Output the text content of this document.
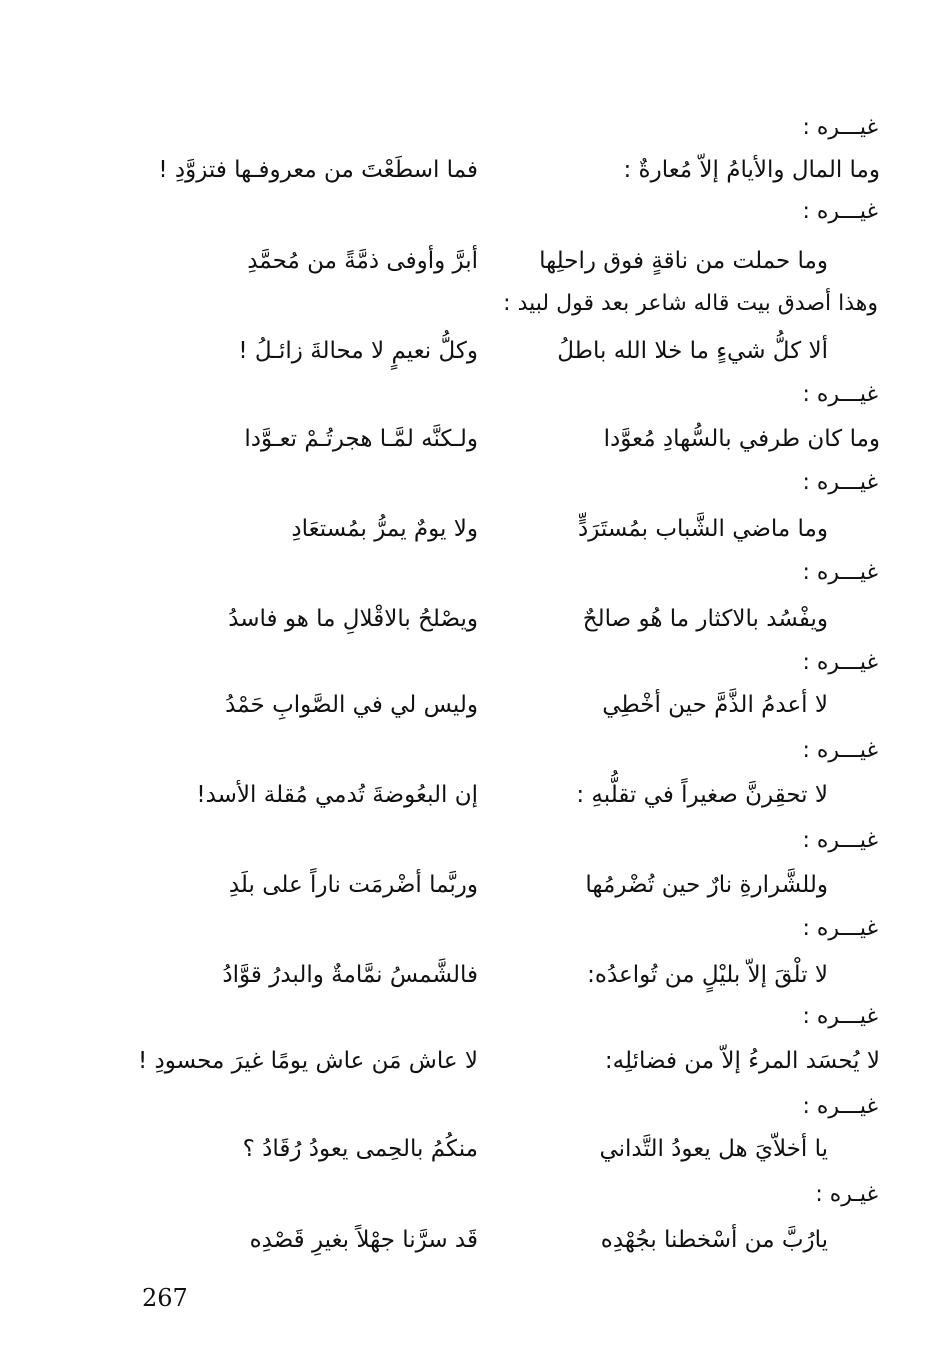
غيـــره :
وما المال والأيامُ إلاّ مُعارةٌ :
فما اسطَعْتَ من معروفـها فتزوَّدِ !
غيـــره :
وما حملت من ناقةٍ فوق راحلِها
أبرَّ وأوفى ذمَّةً من مُحمَّدِ
وهذا أصدق بيت قاله شاعر بعد قول لبيد :
ألا كلُّ شيءٍ ما خلا الله باطلُ
وكلُّ نعيمٍ لا محالةَ زائـلُ !
غيـــره :
وما كان طرفي بالسُّهادِ مُعوَّدا
ولـكنَّه لمَّـا هجرتُـمْ تعـوَّدا
غيـــره :
وما ماضي الشَّباب بمُستَرَدٍّ
ولا يومٌ يمرُّ بمُستعَادِ
غيـــره :
ويفْسُد بالاكثار ما هُو صالحٌ
ويصْلحُ بالاقْلالِ ما هو فاسدُ
غيـــره :
لا أعدمُ الذَّمَّ حين أخْطِي
وليس لي في الصَّوابِ حَمْدُ
غيـــره :
لا تحقِرنَّ صغيراً في تقلُّبهِ :
إن البعُوضةَ تُدمي مُقلة الأسد!
غيـــره :
وللشَّرارةِ نارٌ حين تُضْرمُها
وربَّما أضْرمَت ناراً على بلَدِ
غيـــره :
لا تلْقَ إلاّ بليْلٍ من تُواعدُه:
فالشَّمسُ نمَّامةٌ والبدرُ قوَّادُ
غيـــره :
لا يُحسَد المرءُ إلاّ من فضائلِه:
لا عاش مَن عاش يومًا غيرَ محسودِ !
غيـــره :
يا أخلاّيَ هل يعودُ التَّداني
منكُمُ بالحِمى يعودُ رُقَادُ ؟
غيـره :
يارُبَّ من أسْخطنا بجُهْدِه
قَد سرَّنا جهْلاً بغيرِ قَصْدِه
267
